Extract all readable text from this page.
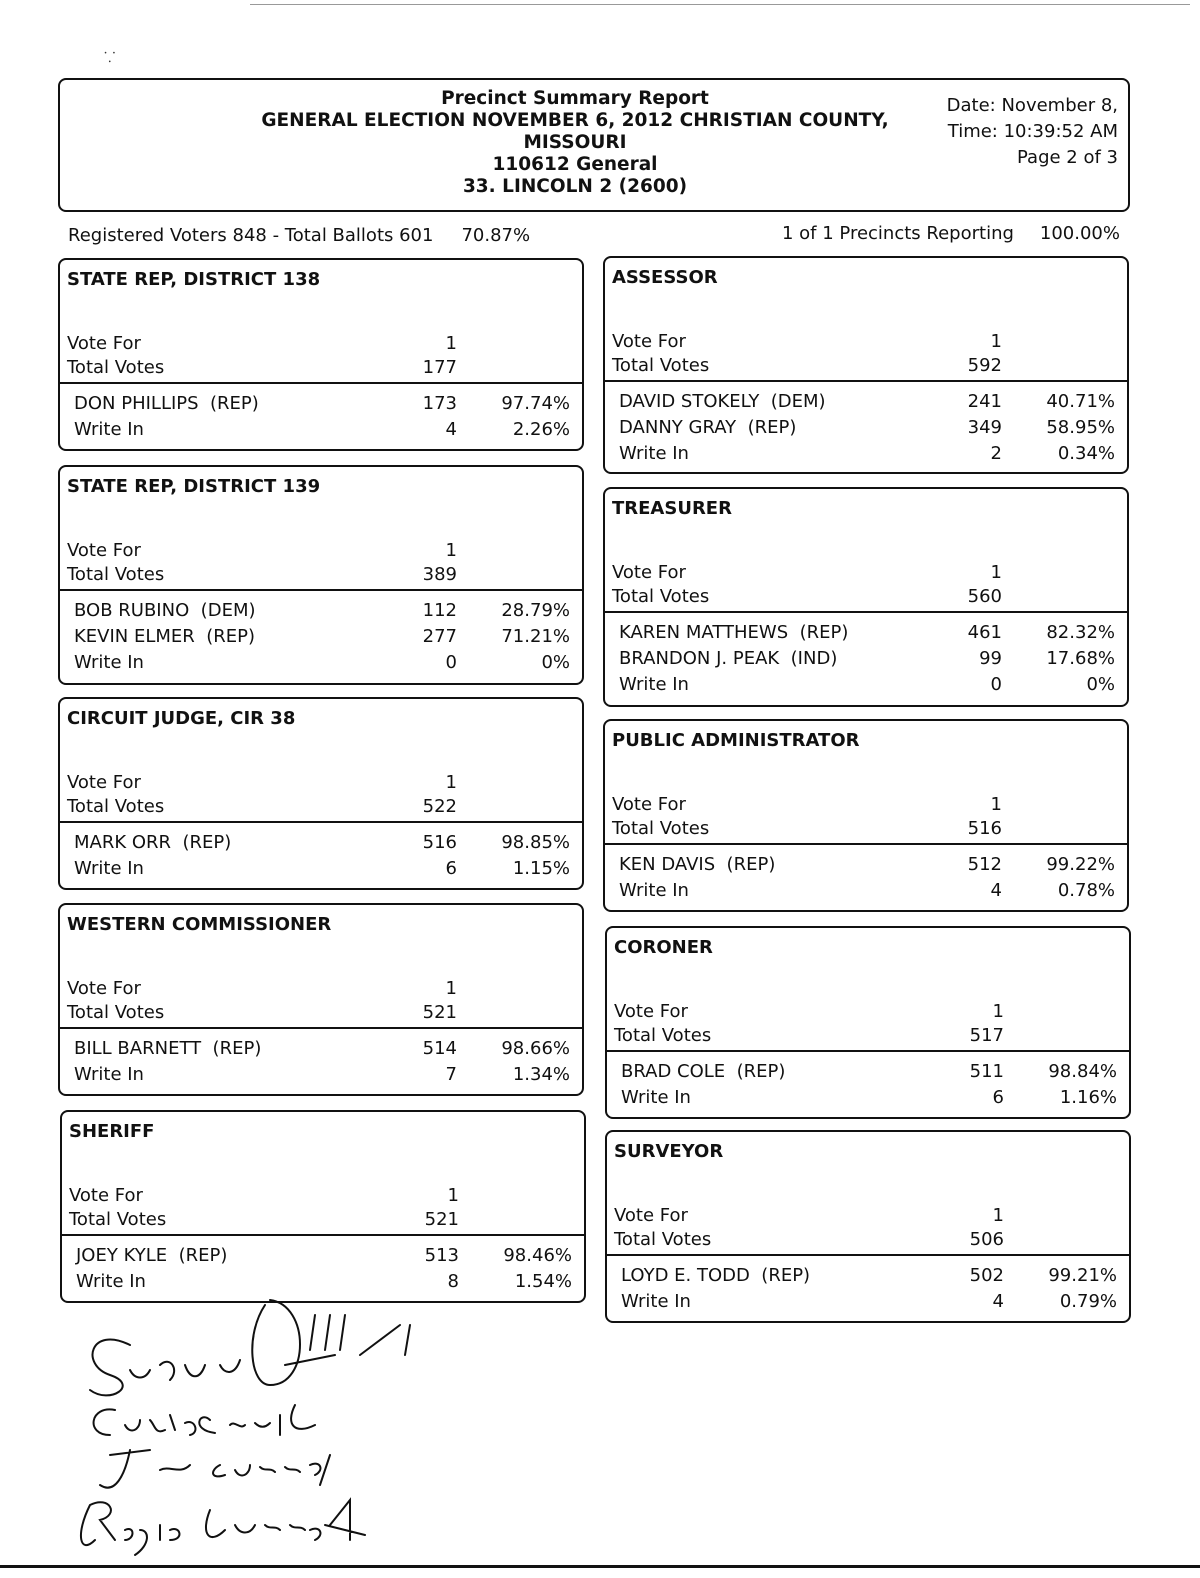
⸪
Precinct Summary Report
GENERAL ELECTION NOVEMBER 6, 2012 CHRISTIAN COUNTY,
MISSOURI
110612 General
33. LINCOLN 2 (2600)
Date: November 8,
Time: 10:39:52 AM
Page 2 of 3
Registered Voters 848 - Total Ballots 601 70.87%	1 of 1 Precincts Reporting 100.00%
STATE REP, DISTRICT 138
Vote For	1
Total Votes	177
DON PHILLIPS  (REP)	173	97.74%
Write In	4	2.26%
STATE REP, DISTRICT 139
Vote For	1
Total Votes	389
BOB RUBINO  (DEM)	112	28.79%
KEVIN ELMER  (REP)	277	71.21%
Write In	0	0%
CIRCUIT JUDGE, CIR 38
Vote For	1
Total Votes	522
MARK ORR  (REP)	516	98.85%
Write In	6	1.15%
WESTERN COMMISSIONER
Vote For	1
Total Votes	521
BILL BARNETT  (REP)	514	98.66%
Write In	7	1.34%
SHERIFF
Vote For	1
Total Votes	521
JOEY KYLE  (REP)	513	98.46%
Write In	8	1.54%
ASSESSOR
Vote For	1
Total Votes	592
DAVID STOKELY  (DEM)	241	40.71%
DANNY GRAY  (REP)	349	58.95%
Write In	2	0.34%
TREASURER
Vote For	1
Total Votes	560
KAREN MATTHEWS  (REP)	461	82.32%
BRANDON J. PEAK  (IND)	99	17.68%
Write In	0	0%
PUBLIC ADMINISTRATOR
Vote For	1
Total Votes	516
KEN DAVIS  (REP)	512	99.22%
Write In	4	0.78%
CORONER
Vote For	1
Total Votes	517
BRAD COLE  (REP)	511	98.84%
Write In	6	1.16%
SURVEYOR
Vote For	1
Total Votes	506
LOYD E. TODD  (REP)	502	99.21%
Write In	4	0.79%
